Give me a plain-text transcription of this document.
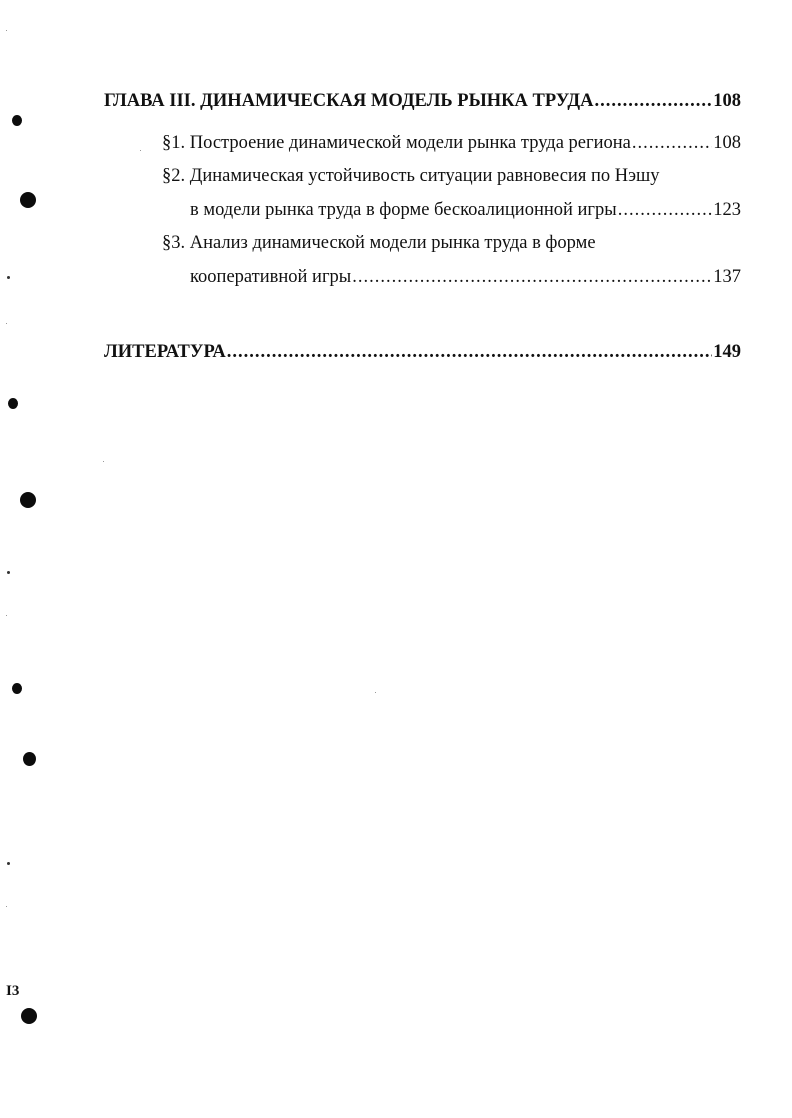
I3
ГЛАВА III. ДИНАМИЧЕСКАЯ МОДЕЛЬ РЫНКА ТРУДА .....	108
§1. Построение динамической модели рынка труда региона .....	108
§2. Динамическая устойчивость ситуации равновесия по Нэшу
в модели рынка труда в форме бескоалиционной игры .....	123
§3. Анализ динамической модели рынка труда в форме
кооперативной игры .....	137
ЛИТЕРАТУРА .....	149
